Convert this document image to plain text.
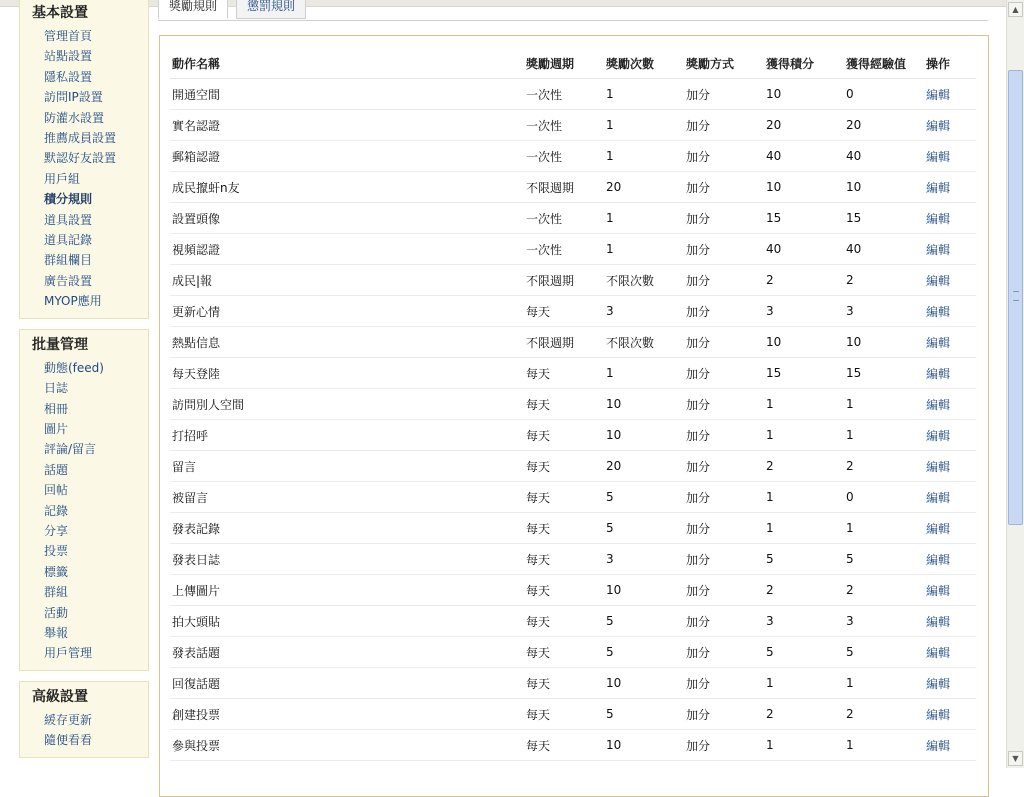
基本設置
管理首頁
站點設置
隱私設置
訪問IP設置
防灌水設置
推薦成員設置
默認好友設置
用戶組
積分規則
道具設置
道具記錄
群組欄目
廣告設置
MYOP應用
批量管理
動態(feed)
日誌
相冊
圖片
評論/留言
話題
回帖
記錄
分享
投票
標籤
群組
活動
舉報
用戶管理
高級設置
緩存更新
隨便看看
獎勵規則	懲罰規則
動作名稱	獎勵週期	獎勵次數	獎勵方式	獲得積分	獲得經驗值	操作
開通空間	一次性	1	加分	10	0	編輯
實名認證	一次性	1	加分	20	20	編輯
郵箱認證	一次性	1	加分	40	40	編輯
成民攛虷n友	不限週期	20	加分	10	10	編輯
設置頭像	一次性	1	加分	15	15	編輯
視頻認證	一次性	1	加分	40	40	編輯
成民|報	不限週期	不限次數	加分	2	2	編輯
更新心情	每天	3	加分	3	3	編輯
熱點信息	不限週期	不限次數	加分	10	10	編輯
每天登陸	每天	1	加分	15	15	編輯
訪問別人空間	每天	10	加分	1	1	編輯
打招呼	每天	10	加分	1	1	編輯
留言	每天	20	加分	2	2	編輯
被留言	每天	5	加分	1	0	編輯
發表記錄	每天	5	加分	1	1	編輯
發表日誌	每天	3	加分	5	5	編輯
上傳圖片	每天	10	加分	2	2	編輯
拍大頭貼	每天	5	加分	3	3	編輯
發表話題	每天	5	加分	5	5	編輯
回復話題	每天	10	加分	1	1	編輯
創建投票	每天	5	加分	2	2	編輯
參與投票	每天	10	加分	1	1	編輯
▲
▼
